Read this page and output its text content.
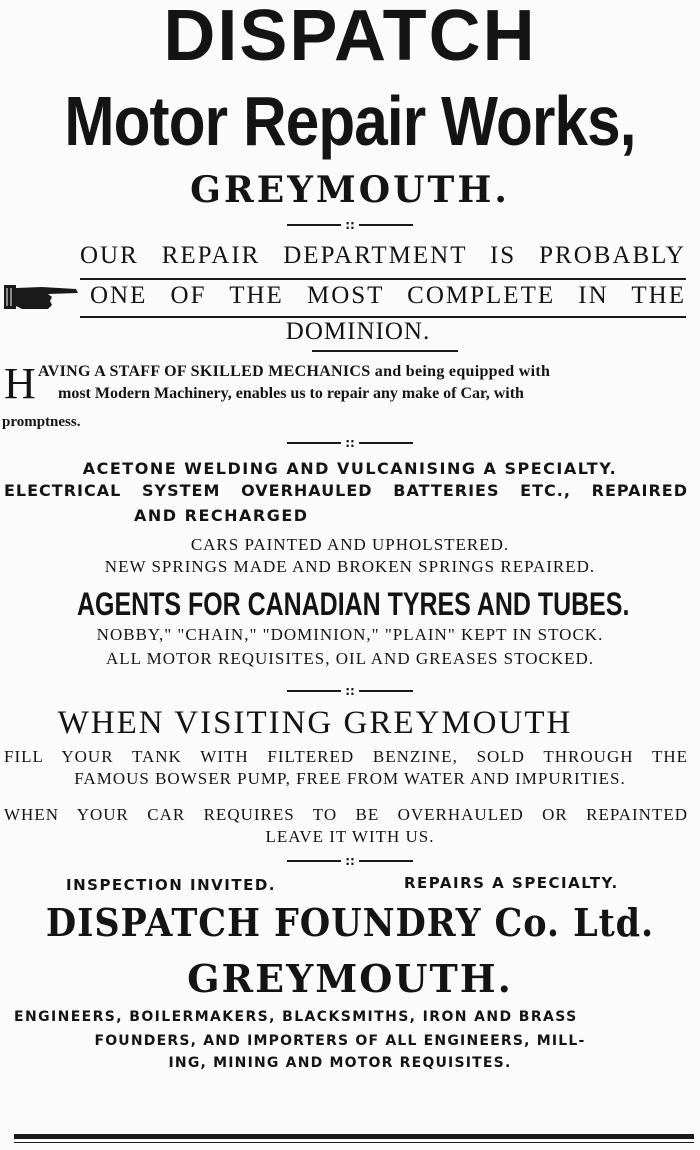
DISPATCH
Motor Repair Works,
GREYMOUTH.
::
OUR REPAIR DEPARTMENT IS PROBABLY
ONE OF THE MOST COMPLETE IN THE
DOMINION.
H AVING A STAFF OF SKILLED MECHANICS and being equipped with
most Modern Machinery, enables us to repair any make of Car, with
promptness.
::
ACETONE WELDING AND VULCANISING A SPECIALTY.
ELECTRICAL SYSTEM OVERHAULED BATTERIES ETC., REPAIRED
AND RECHARGED
CARS PAINTED AND UPHOLSTERED.
NEW SPRINGS MADE AND BROKEN SPRINGS REPAIRED.
AGENTS FOR CANADIAN TYRES AND TUBES.
NOBBY," "CHAIN," "DOMINION," "PLAIN" KEPT IN STOCK.
ALL MOTOR REQUISITES, OIL AND GREASES STOCKED.
::
WHEN VISITING GREYMOUTH
FILL YOUR TANK WITH FILTERED BENZINE, SOLD THROUGH THE
FAMOUS BOWSER PUMP, FREE FROM WATER AND IMPURITIES.
WHEN YOUR CAR REQUIRES TO BE OVERHAULED OR REPAINTED
LEAVE IT WITH US.
::
INSPECTION INVITED.	REPAIRS A SPECIALTY.
DISPATCH FOUNDRY Co. Ltd.
GREYMOUTH.
ENGINEERS, BOILERMAKERS, BLACKSMITHS, IRON AND BRASS
FOUNDERS, AND IMPORTERS OF ALL ENGINEERS, MILL-
ING, MINING AND MOTOR REQUISITES.
